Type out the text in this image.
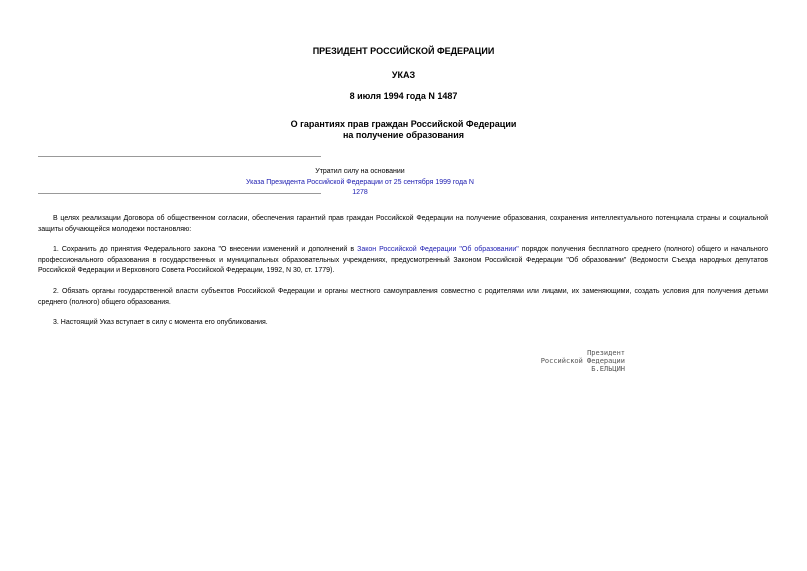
ПРЕЗИДЕНТ РОССИЙСКОЙ ФЕДЕРАЦИИ
УКАЗ
8 июля 1994 года N 1487
О гарантиях прав граждан Российской Федерации
на получение образования
Утратил силу на основании
Указа Президента Российской Федерации от 25 сентября 1999 года N 1278
В целях реализации Договора об общественном согласии, обеспечения гарантий прав граждан Российской Федерации на получение образования, сохранения интеллектуального потенциала страны и социальной защиты обучающейся молодежи постановляю:
1. Сохранить до принятия Федерального закона "О внесении изменений и дополнений в Закон Российской Федерации "Об образовании" порядок получения бесплатного среднего (полного) общего и начального профессионального образования в государственных и муниципальных образовательных учреждениях, предусмотренный Законом Российской Федерации "Об образовании" (Ведомости Съезда народных депутатов Российской Федерации и Верховного Совета Российской Федерации, 1992, N 30, ст. 1779).
2. Обязать органы государственной власти субъектов Российской Федерации и органы местного самоуправления совместно с родителями или лицами, их заменяющими, создать условия для получения детьми среднего (полного) общего образования.
3. Настоящий Указ вступает в силу с момента его опубликования.
Президент
Российской Федерации
Б.ЕЛЬЦИН
